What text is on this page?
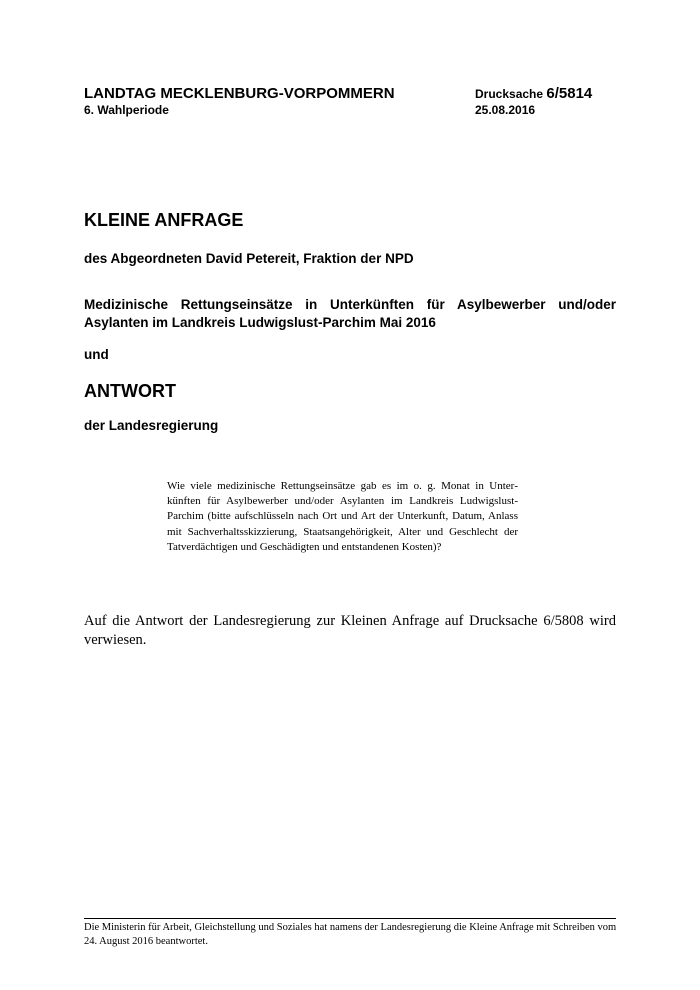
LANDTAG MECKLENBURG-VORPOMMERN
6. Wahlperiode
Drucksache 6/5814
25.08.2016
KLEINE ANFRAGE
des Abgeordneten David Petereit, Fraktion der NPD
Medizinische Rettungseinsätze in Unterkünften für Asylbewerber und/oder Asylanten im Landkreis Ludwigslust-Parchim Mai 2016
und
ANTWORT
der Landesregierung
Wie viele medizinische Rettungseinsätze gab es im o. g. Monat in Unterkünften für Asylbewerber und/oder Asylanten im Landkreis Ludwigslust-Parchim (bitte aufschlüsseln nach Ort und Art der Unterkunft, Datum, Anlass mit Sachverhaltsskizzierung, Staatsangehörigkeit, Alter und Geschlecht der Tatverdächtigen und Geschädigten und entstandenen Kosten)?
Auf die Antwort der Landesregierung zur Kleinen Anfrage auf Drucksache 6/5808 wird verwiesen.
Die Ministerin für Arbeit, Gleichstellung und Soziales hat namens der Landesregierung die Kleine Anfrage mit Schreiben vom 24. August 2016 beantwortet.
